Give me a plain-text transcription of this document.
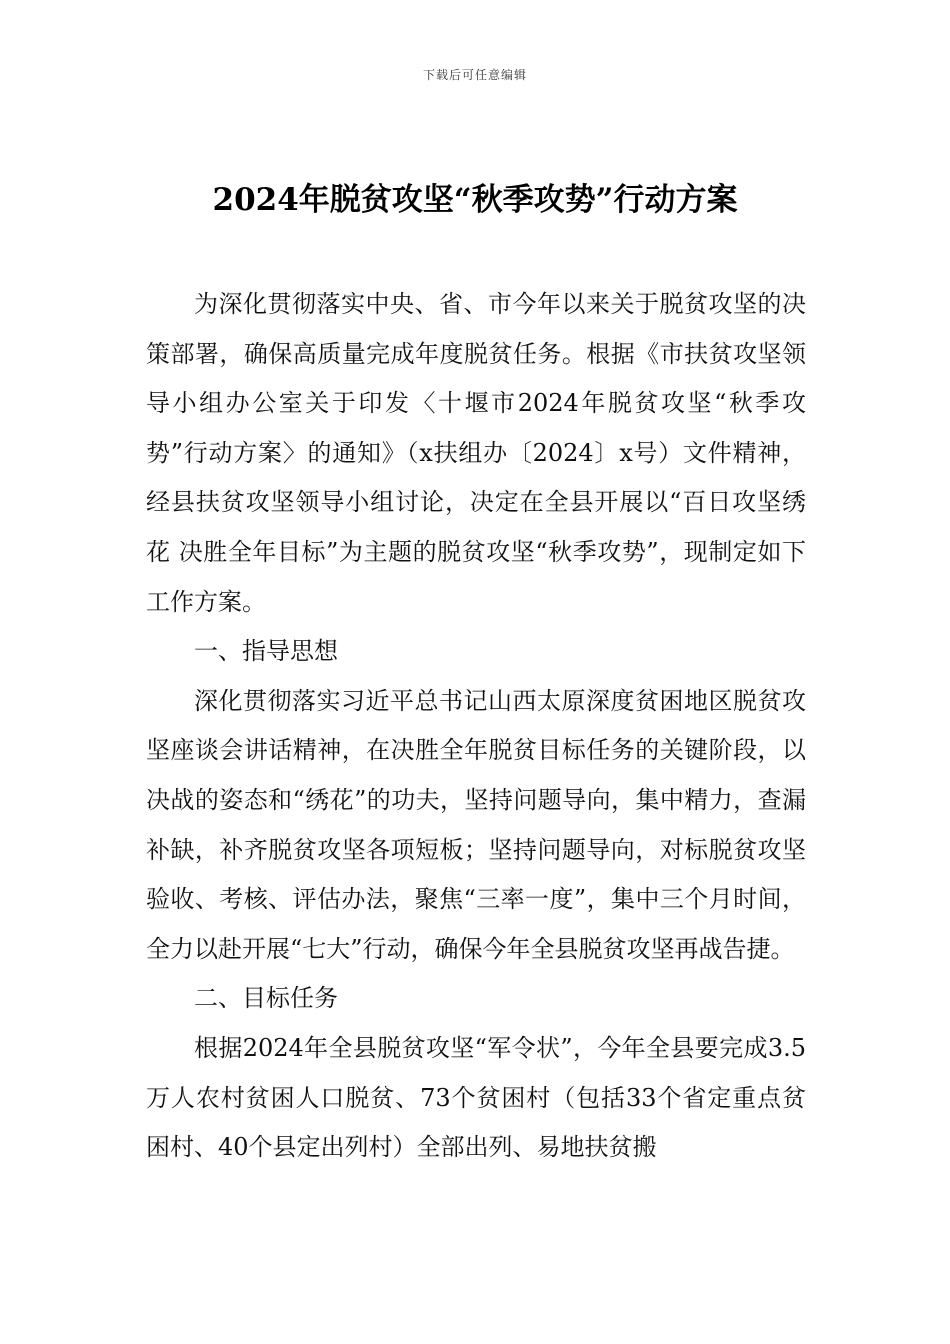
下载后可任意编辑
2024年脱贫攻坚“秋季攻势”行动方案

为深化贯彻落实中央、省、市今年以来关于脱贫攻坚的决策部署，确保高质量完成年度脱贫任务。根据《市扶贫攻坚领导小组办公室关于印发〈十堰市2024年脱贫攻坚“秋季攻势”行动方案〉的通知》（x扶组办〔2024〕x号）文件精神，经县扶贫攻坚领导小组讨论，决定在全县开展以“百日攻坚绣花 决胜全年目标”为主题的脱贫攻坚“秋季攻势”，现制定如下工作方案。

一、指导思想

深化贯彻落实习近平总书记山西太原深度贫困地区脱贫攻坚座谈会讲话精神，在决胜全年脱贫目标任务的关键阶段，以决战的姿态和“绣花”的功夫，坚持问题导向，集中精力，查漏补缺，补齐脱贫攻坚各项短板；坚持问题导向，对标脱贫攻坚验收、考核、评估办法，聚焦“三率一度”，集中三个月时间，全力以赴开展“七大”行动，确保今年全县脱贫攻坚再战告捷。

二、目标任务

根据2024年全县脱贫攻坚“军令状”，今年全县要完成3.5万人农村贫困人口脱贫、73个贫困村（包括33个省定重点贫困村、40个县定出列村）全部出列、易地扶贫搬
